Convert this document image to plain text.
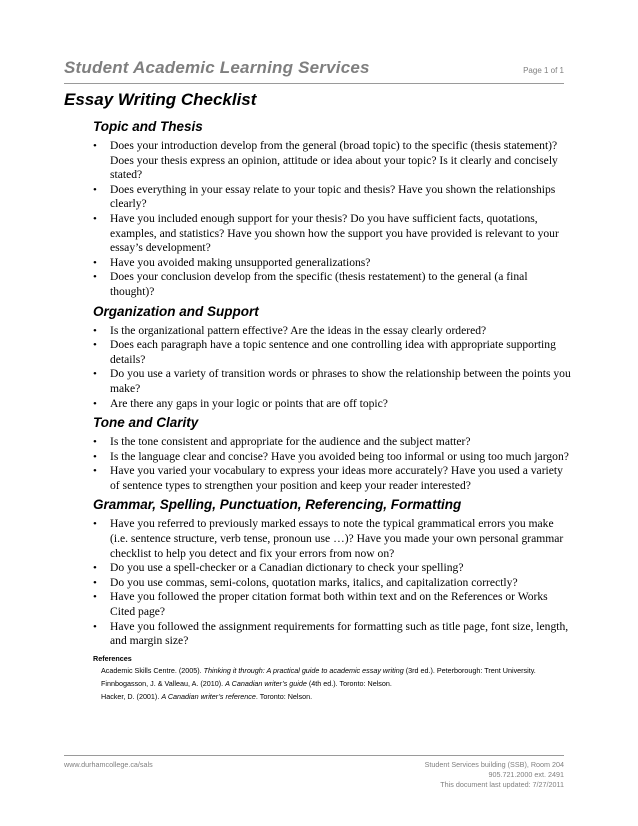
Student Academic Learning Services	Page 1 of 1
Essay Writing Checklist
Topic and Thesis
• Does your introduction develop from the general (broad topic) to the specific (thesis statement)? Does your thesis express an opinion, attitude or idea about your topic? Is it clearly and concisely stated?
• Does everything in your essay relate to your topic and thesis? Have you shown the relationships clearly?
• Have you included enough support for your thesis? Do you have sufficient facts, quotations, examples, and statistics? Have you shown how the support you have provided is relevant to your essay’s development?
• Have you avoided making unsupported generalizations?
• Does your conclusion develop from the specific (thesis restatement) to the general (a final thought)?
Organization and Support
• Is the organizational pattern effective? Are the ideas in the essay clearly ordered?
• Does each paragraph have a topic sentence and one controlling idea with appropriate supporting details?
• Do you use a variety of transition words or phrases to show the relationship between the points you make?
• Are there any gaps in your logic or points that are off topic?
Tone and Clarity
• Is the tone consistent and appropriate for the audience and the subject matter?
• Is the language clear and concise? Have you avoided being too informal or using too much jargon?
• Have you varied your vocabulary to express your ideas more accurately? Have you used a variety of sentence types to strengthen your position and keep your reader interested?
Grammar, Spelling, Punctuation, Referencing, Formatting
• Have you referred to previously marked essays to note the typical grammatical errors you make (i.e. sentence structure, verb tense, pronoun use …)? Have you made your own personal grammar checklist to help you detect and fix your errors from now on?
• Do you use a spell-checker or a Canadian dictionary to check your spelling?
• Do you use commas, semi-colons, quotation marks, italics, and capitalization correctly?
• Have you followed the proper citation format both within text and on the References or Works Cited page?
• Have you followed the assignment requirements for formatting such as title page, font size, length, and margin size?
References
Academic Skills Centre. (2005). Thinking it through: A practical guide to academic essay writing (3rd ed.). Peterborough: Trent University.
Finnbogasson, J. & Valleau, A. (2010). A Canadian writer’s guide (4th ed.). Toronto: Nelson.
Hacker, D. (2001). A Canadian writer’s reference. Toronto: Nelson.
www.durhamcollege.ca/sals	Student Services building (SSB), Room 204
905.721.2000 ext. 2491
This document last updated: 7/27/2011
